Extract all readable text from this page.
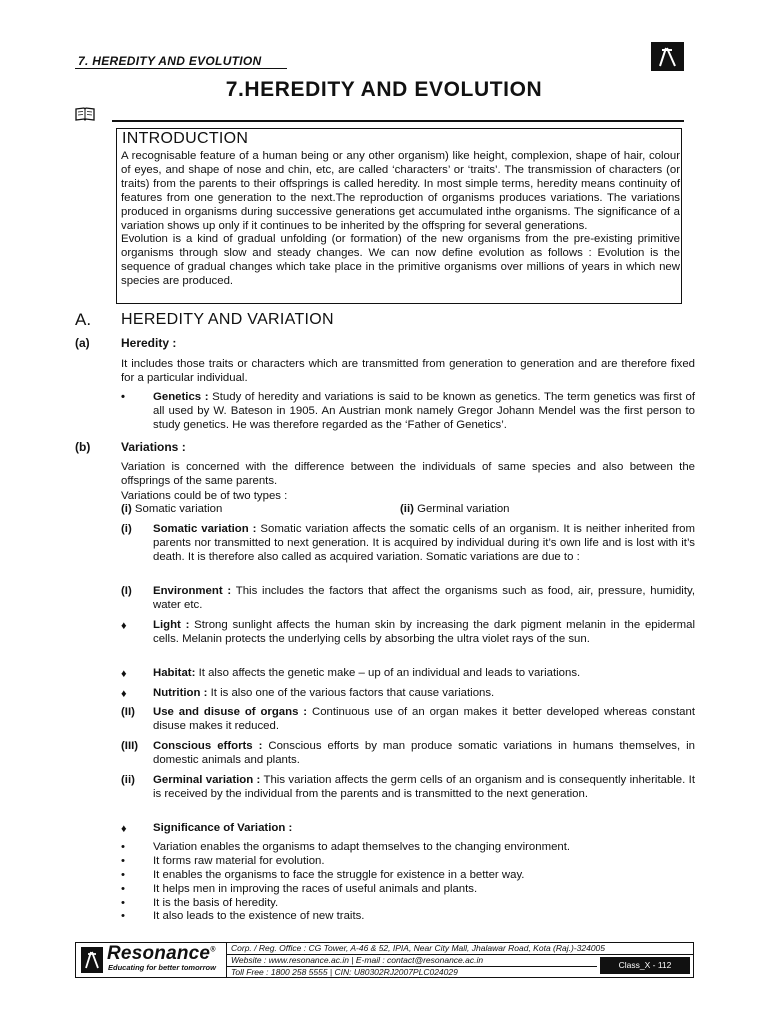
7. HEREDITY AND EVOLUTION
7.HEREDITY AND EVOLUTION
INTRODUCTION

A recognisable feature of a human being or any other organism) like height, complexion, shape of hair, colour of eyes, and shape of nose and chin, etc, are called ‘characters’ or ‘traits’. The transmission of characters (or traits) from the parents to their offsprings is called heredity. In most simple terms, heredity means continuity of features from one generation to the next.The reproduction of organisms produces variations. The variations produced in organisms during successive generations get accumulated inthe organisms. The significance of a variation shows up only if it continues to be inherited by the offspring for several generations.

Evolution is a kind of gradual unfolding (or formation) of the new organisms from the pre-existing primitive organisms through slow and steady changes. We can now define evolution as follows : Evolution is the sequence of gradual changes which take place in the primitive organisms over millions of years in which new species are produced.

A. HEREDITY AND VARIATION
(a)	Heredity :
It includes those traits or characters which are transmitted from generation to generation and are therefore fixed for a particular individual.
• Genetics : Study of heredity and variations is said to be known as genetics. The term genetics was first of all used by W. Bateson in 1905. An Austrian monk namely Gregor Johann Mendel was the first person to study genetics. He was therefore regarded as the ‘Father of Genetics’.
(b)	Variations :
Variation is concerned with the difference between the individuals of same species and also between the offsprings of the same parents.
Variations could be of two types :
(i) Somatic variation	(ii) Germinal variation
(i) Somatic variation : Somatic variation affects the somatic cells of an organism. It is neither inherited from parents nor transmitted to next generation. It is acquired by individual during it’s own life and is lost with it’s death. It is therefore also called as acquired variation. Somatic variations are due to :
(I) Environment : This includes the factors that affect the organisms such as food, air, pressure, humidity, water etc.
♦ Light : Strong sunlight affects the human skin by increasing the dark pigment melanin in the epidermal cells. Melanin protects the underlying cells by absorbing the ultra violet rays of the sun.
♦ Habitat: It also affects the genetic make – up of an individual and leads to variations.
♦ Nutrition : It is also one of the various factors that cause variations.
(II) Use and disuse of organs : Continuous use of an organ makes it better developed whereas constant disuse makes it reduced.
(III) Conscious efforts : Conscious efforts by man produce somatic variations in humans themselves, in domestic animals and plants.
(ii) Germinal variation : This variation affects the germ cells of an organism and is consequently inheritable. It is received by the individual from the parents and is transmitted to the next generation.
♦ Significance of Variation :
• Variation enables the organisms to adapt themselves to the changing environment.
• It forms raw material for evolution.
• It enables the organisms to face the struggle for existence in a better way.
• It helps men in improving the races of useful animals and plants.
• It is the basis of heredity.
• It also leads to the existence of new traits.
Resonance®
Educating for better tomorrow
Corp. / Reg. Office : CG Tower, A-46 & 52, IPIA, Near City Mall, Jhalawar Road, Kota (Raj.)-324005
Website : www.resonance.ac.in | E-mail : contact@resonance.ac.in
Toll Free : 1800 258 5555 | CIN: U80302RJ2007PLC024029
Class_X - 112
